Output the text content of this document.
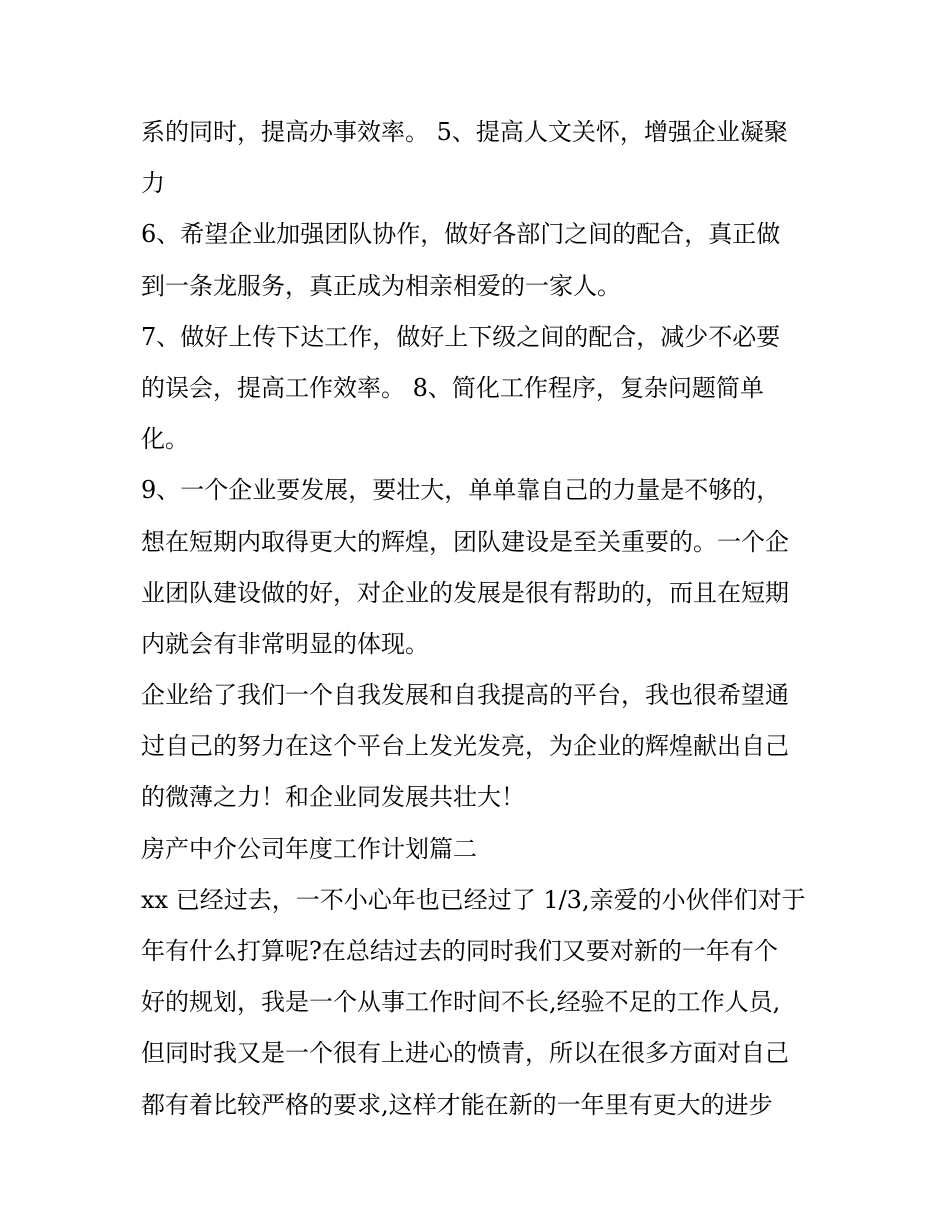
系的同时，提高办事效率。 5、提高人文关怀，增强企业凝聚
力
6、希望企业加强团队协作，做好各部门之间的配合，真正做
到一条龙服务，真正成为相亲相爱的一家人。
7、做好上传下达工作，做好上下级之间的配合，减少不必要
的误会，提高工作效率。 8、简化工作程序，复杂问题简单
化。
9、一个企业要发展，要壮大，单单靠自己的力量是不够的，
想在短期内取得更大的辉煌，团队建设是至关重要的。一个企
业团队建设做的好，对企业的发展是很有帮助的，而且在短期
内就会有非常明显的体现。
企业给了我们一个自我发展和自我提高的平台，我也很希望通
过自己的努力在这个平台上发光发亮，为企业的辉煌献出自己
的微薄之力！和企业同发展共壮大！
房产中介公司年度工作计划篇二
xx 已经过去，一不小心年也已经过了 1/3,亲爱的小伙伴们对于
年有什么打算呢?在总结过去的同时我们又要对新的一年有个
好的规划，我是一个从事工作时间不长,经验不足的工作人员,
但同时我又是一个很有上进心的愤青，所以在很多方面对自己
都有着比较严格的要求,这样才能在新的一年里有更大的进步
